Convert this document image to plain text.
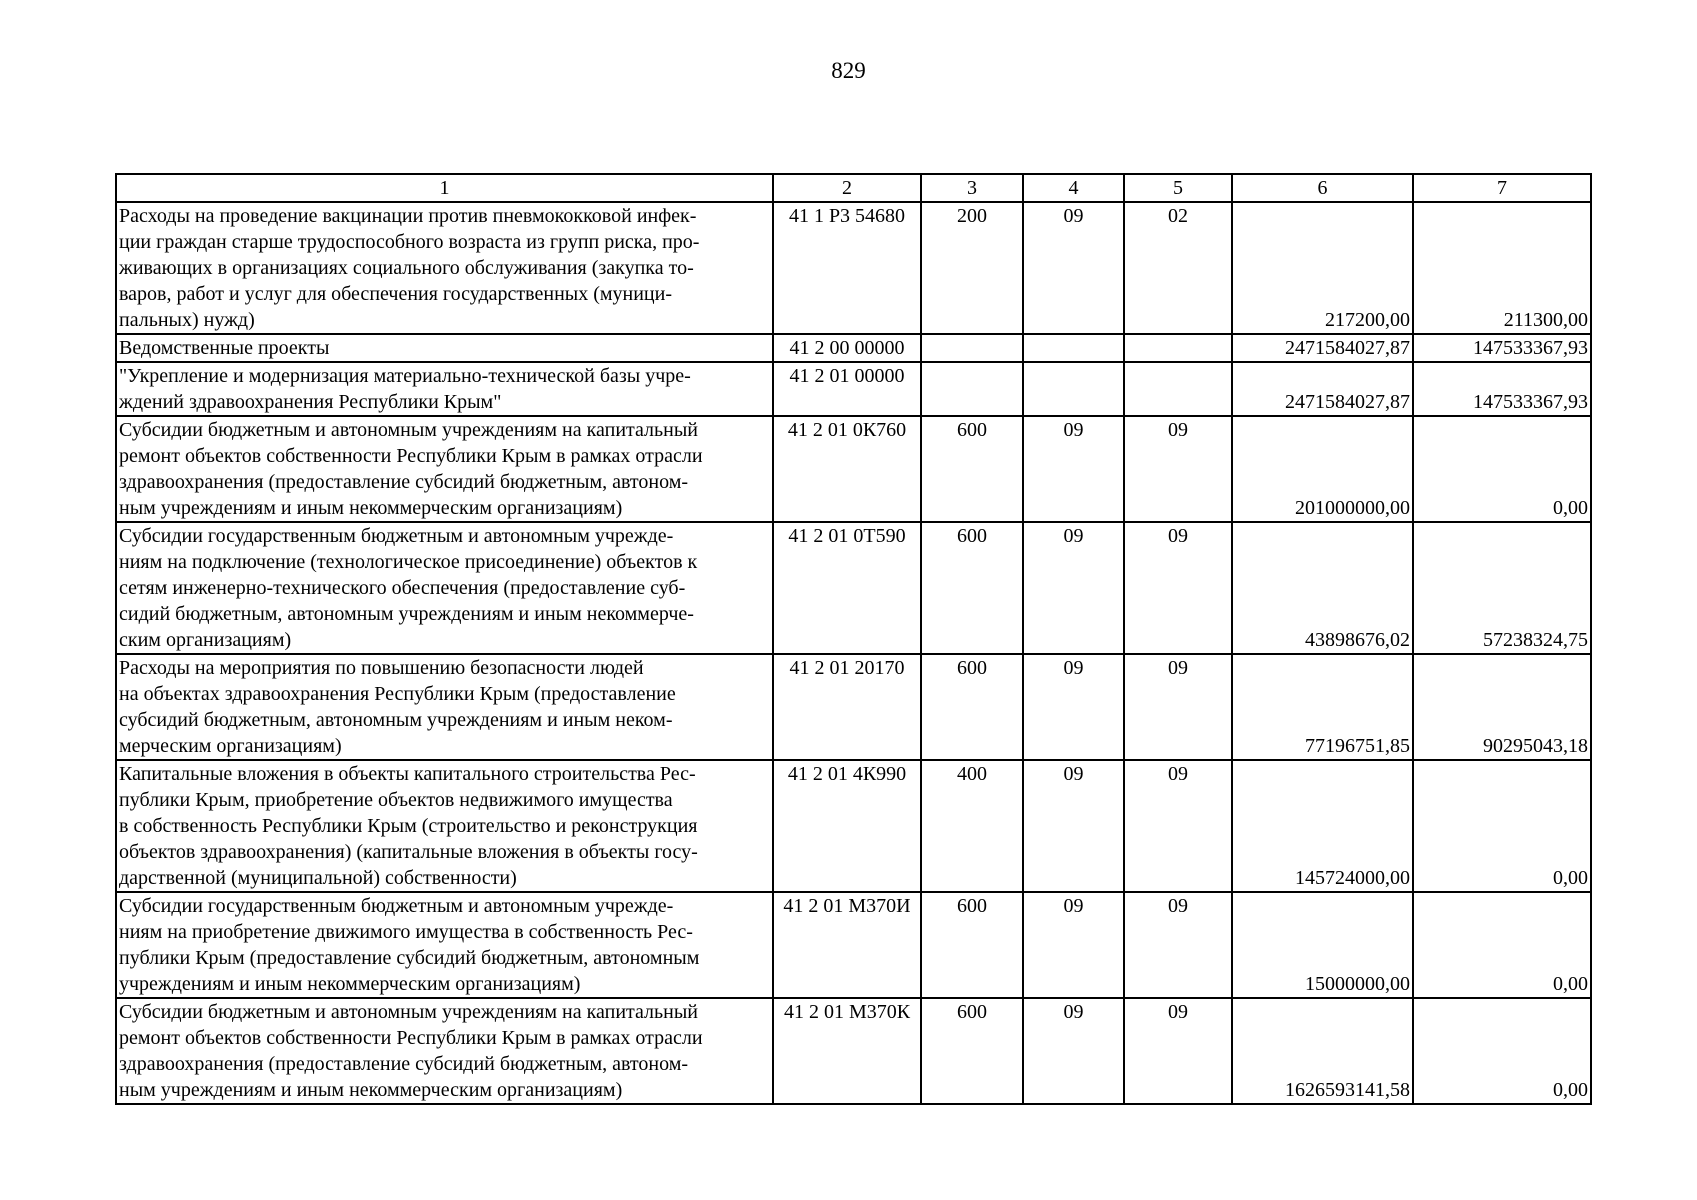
829
1	2	3	4	5	6	7

Расходы на проведение вакцинации против пневмококковой инфек-
ции граждан старше трудоспособного возраста из групп риска, про-
живающих в организациях социального обслуживания (закупка то-
варов, работ и услуг для обеспечения государственных (муници-
пальных) нужд)	41 1 Р3 54680	200	09	02	217200,00	211300,00

Ведомственные проекты	41 2 00 00000				2471584027,87	147533367,93

"Укрепление и модернизация материально-технической базы учре-
ждений здравоохранения Республики Крым"	41 2 01 00000				2471584027,87	147533367,93

Субсидии бюджетным и автономным учреждениям на капитальный
ремонт объектов собственности Республики Крым в рамках отрасли
здравоохранения (предоставление субсидий бюджетным, автоном-
ным учреждениям и иным некоммерческим организациям)	41 2 01 0К760	600	09	09	201000000,00	0,00

Субсидии государственным бюджетным и автономным учрежде-
ниям на подключение (технологическое присоединение) объектов к
сетям инженерно-технического обеспечения (предоставление суб-
сидий бюджетным, автономным учреждениям и иным некоммерче-
ским организациям)	41 2 01 0Т590	600	09	09	43898676,02	57238324,75

Расходы на мероприятия по повышению безопасности людей
на объектах здравоохранения Республики Крым (предоставление
субсидий бюджетным, автономным учреждениям и иным неком-
мерческим организациям)	41 2 01 20170	600	09	09	77196751,85	90295043,18

Капитальные вложения в объекты капитального строительства Рес-
публики Крым, приобретение объектов недвижимого имущества
в собственность Республики Крым (строительство и реконструкция
объектов здравоохранения) (капитальные вложения в объекты госу-
дарственной (муниципальной) собственности)	41 2 01 4К990	400	09	09	145724000,00	0,00

Субсидии государственным бюджетным и автономным учрежде-
ниям на приобретение движимого имущества в собственность Рес-
публики Крым (предоставление субсидий бюджетным, автономным
учреждениям и иным некоммерческим организациям)	41 2 01 М370И	600	09	09	15000000,00	0,00

Субсидии бюджетным и автономным учреждениям на капитальный
ремонт объектов собственности Республики Крым в рамках отрасли
здравоохранения (предоставление субсидий бюджетным, автоном-
ным учреждениям и иным некоммерческим организациям)	41 2 01 М370К	600	09	09	1626593141,58	0,00
